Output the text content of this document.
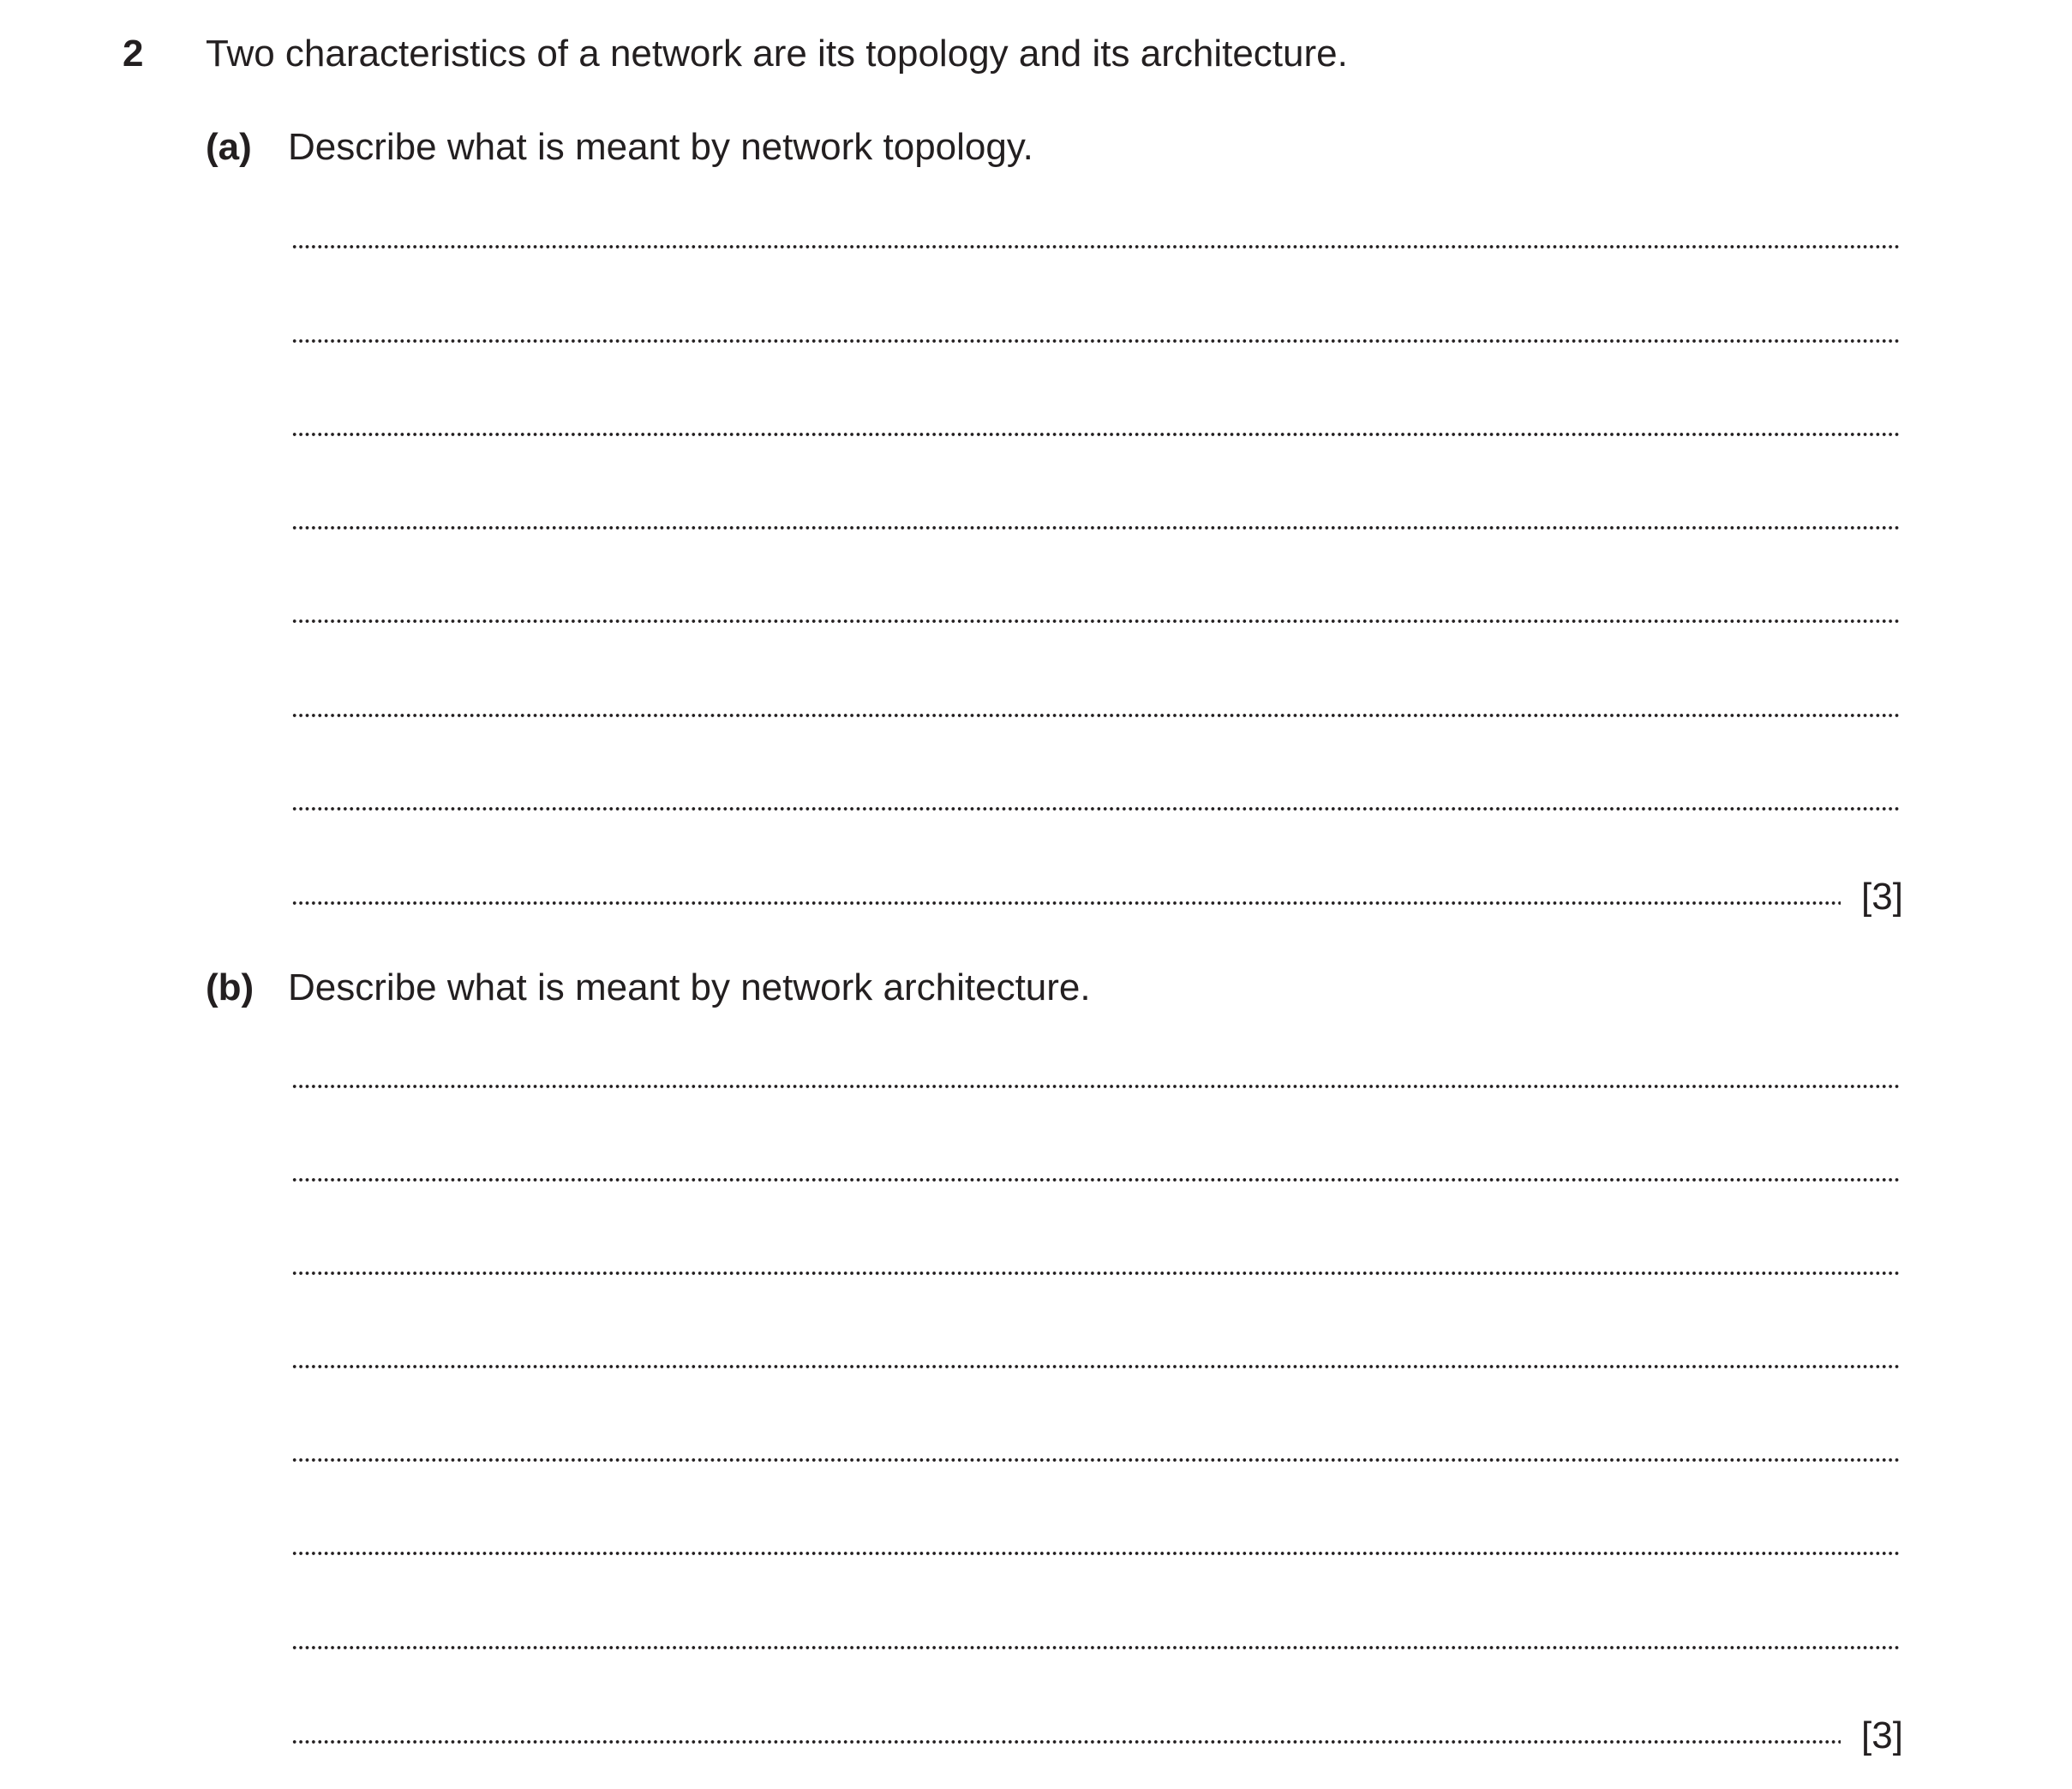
2 Two characteristics of a network are its topology and its architecture.
(a) Describe what is meant by network topology.
[3]
(b) Describe what is meant by network architecture.
[3]
